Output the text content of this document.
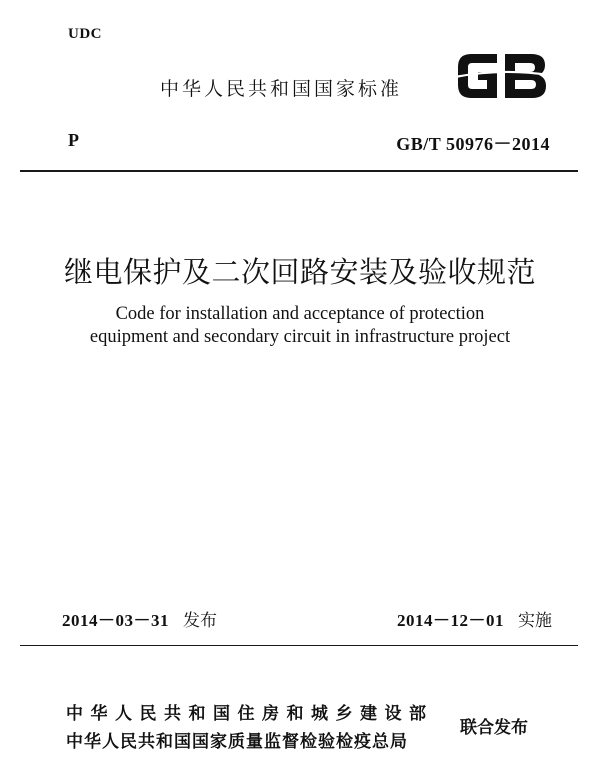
UDC
中华人民共和国国家标准
P	GB/T 50976－2014
继电保护及二次回路安装及验收规范
Code for installation and acceptance of protection
equipment and secondary circuit in infrastructure project
2014－03－31 发布	2014－12－01 实施
中华人民共和国住房和城乡建设部
中华人民共和国国家质量监督检验检疫总局
联合发布
